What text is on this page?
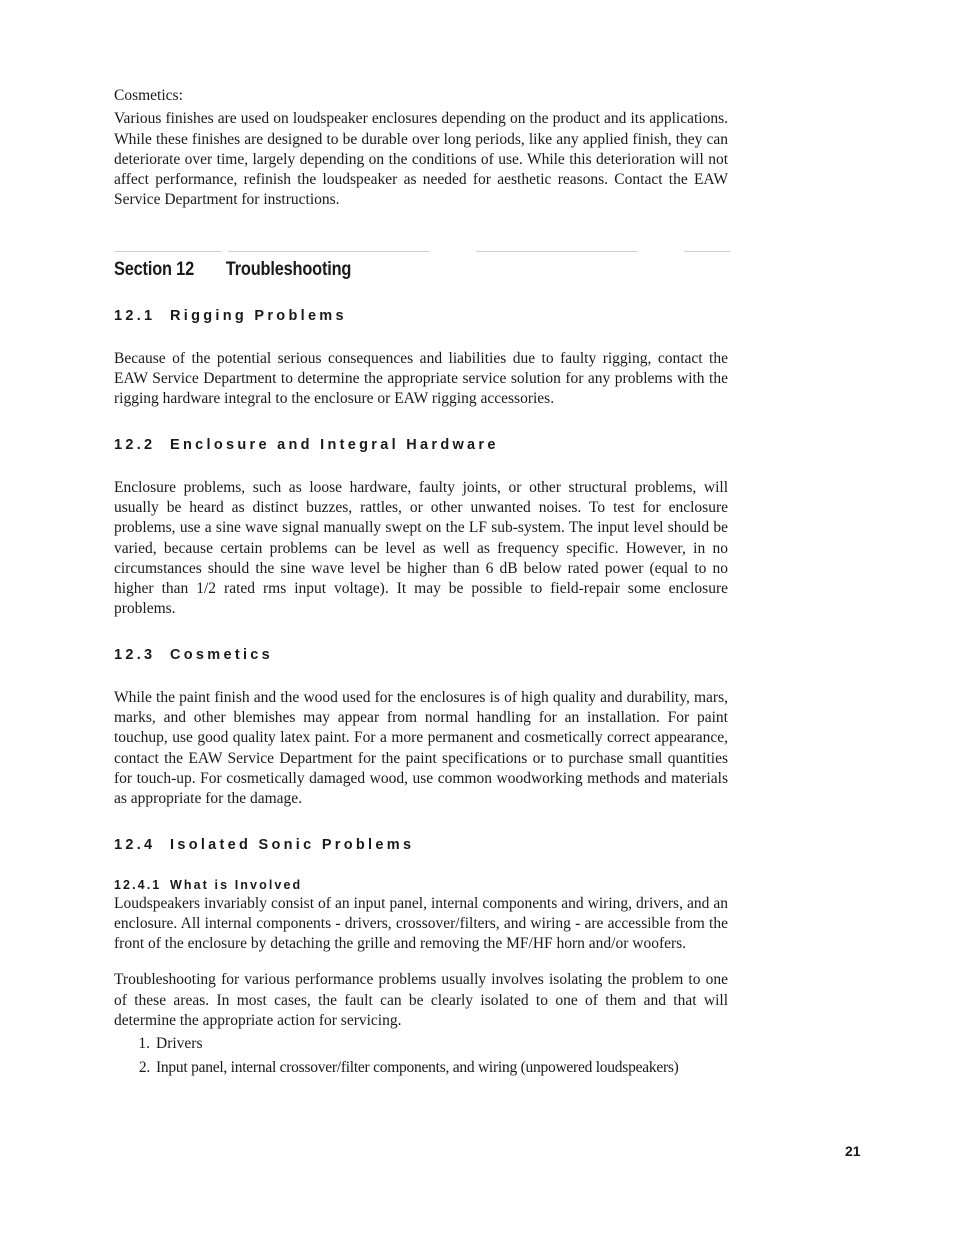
Cosmetics:

Various finishes are used on loudspeaker enclosures depending on the product and its applications. While these finishes are designed to be durable over long periods, like any applied finish, they can deteriorate over time, largely depending on the conditions of use. While this deterioration will not affect performance, refinish the loudspeaker as needed for aesthetic reasons. Contact the EAW Service Department for instructions.

Section 12 Troubleshooting
12.1 Rigging Problems

Because of the potential serious consequences and liabilities due to faulty rigging, contact the EAW Service Department to determine the appropriate service solution for any problems with the rigging hardware integral to the enclosure or EAW rigging accessories.

12.2 Enclosure and Integral Hardware

Enclosure problems, such as loose hardware, faulty joints, or other structural problems, will usually be heard as distinct buzzes, rattles, or other unwanted noises. To test for enclosure problems, use a sine wave signal manually swept on the LF sub-system. The input level should be varied, because certain problems can be level as well as frequency specific. However, in no circumstances should the sine wave level be higher than 6 dB below rated power (equal to no higher than 1/2 rated rms input voltage). It may be possible to field-repair some enclosure problems.

12.3 Cosmetics

While the paint finish and the wood used for the enclosures is of high quality and durability, mars, marks, and other blemishes may appear from normal handling for an installation. For paint touchup, use good quality latex paint. For a more permanent and cosmetically correct appearance, contact the EAW Service Department for the paint specifications or to purchase small quantities for touch-up. For cosmetically damaged wood, use common woodworking methods and materials as appropriate for the damage.

12.4 Isolated Sonic Problems
12.4.1 What is Involved

Loudspeakers invariably consist of an input panel, internal components and wiring, drivers, and an enclosure. All internal components - drivers, crossover/filters, and wiring - are accessible from the front of the enclosure by detaching the grille and removing the MF/HF horn and/or woofers.

Troubleshooting for various performance problems usually involves isolating the problem to one of these areas. In most cases, the fault can be clearly isolated to one of them and that will determine the appropriate action for servicing.

1. Drivers
2. Input panel, internal crossover/filter components, and wiring (unpowered loudspeakers)
21
